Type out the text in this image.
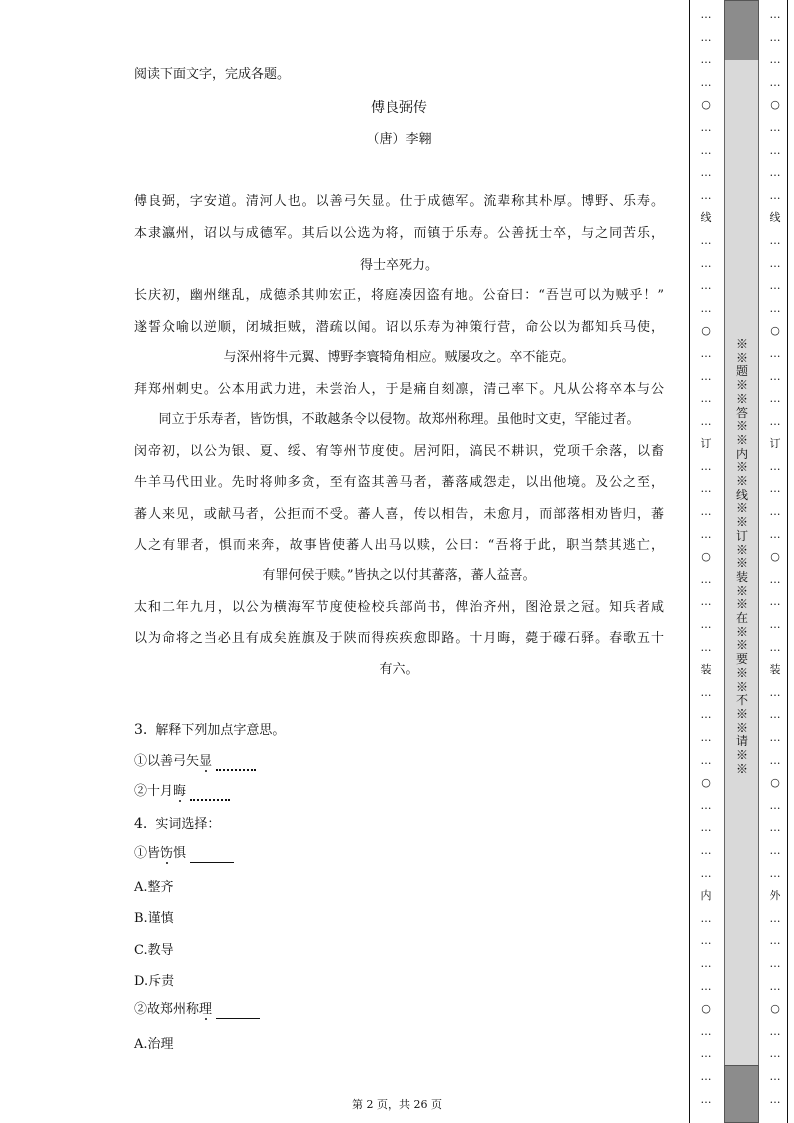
阅读下面文字，完成各题。
傅良弼传
（唐）李翱
傅良弼，字安道。清河人也。以善弓矢显。仕于成德军。流辈称其朴厚。博野、乐寿。
本隶瀛州，诏以与成德军。其后以公选为将，而镇于乐寿。公善抚士卒，与之同苦乐，
得士卒死力。
长庆初，幽州继乱，成德杀其帅宏正，将庭凑因盗有地。公奋曰：“吾岂可以为贼乎！”
遂誓众喻以逆顺，闭城拒贼，潜疏以闻。诏以乐寿为神策行营，命公以为都知兵马使，
与深州将牛元翼、博野李寰犄角相应。贼屡攻之。卒不能克。
拜郑州刺史。公本用武力进，未尝治人，于是痛自刻凛，清己率下。凡从公将卒本与公
同立于乐寿者，皆饬惧，不敢越条令以侵物。故郑州称理。虽他时文吏，罕能过者。
闵帝初，以公为银、夏、绥、宥等州节度使。居河阳，滈民不耕识，党项千余落，以畜
牛羊马代田业。先时将帅多贪，至有盗其善马者，蕃落咸怨走，以出他境。及公之至，
蕃人来见，或献马者，公拒而不受。蕃人喜，传以相告，未愈月，而部落相劝皆归，蕃
人之有罪者，惧而来奔，故事皆使蕃人出马以赎，公曰：“吾将于此，职当禁其逃亡，
有罪何侯于赎。”皆执之以付其蕃落，蕃人益喜。
太和二年九月，以公为横海军节度使检校兵部尚书，俾治齐州，图沧景之冠。知兵者咸
以为命将之当必且有成矣旌旗及于陕而得疾疾愈即路。十月晦，薨于礞石驿。春歌五十
有六。
3. 解释下列加点字意思。
①以善弓矢显
②十月晦
4. 实词选择：
①皆饬惧
A.整齐
B.谨慎
C.教导
D.斥责
②故郑州称理
A.治理
第 2 页，共 26 页
…
…
…
…
○
…
…
…
…
线
…
…
…
…
○
…
…
…
…
订
…
…
…
…
○
…
…
…
…
装
…
…
…
…
○
…
…
…
…
内
…
…
…
…
○
…
…
…
…
…
…
…
…
○
…
…
…
…
线
…
…
…
…
○
…
…
…
…
订
…
…
…
…
○
…
…
…
…
装
…
…
…
…
○
…
…
…
…
外
…
…
…
…
○
…
…
…
…
※※题※※答※※内※※线※※订※※装※※在※※要※※不※※请※※
